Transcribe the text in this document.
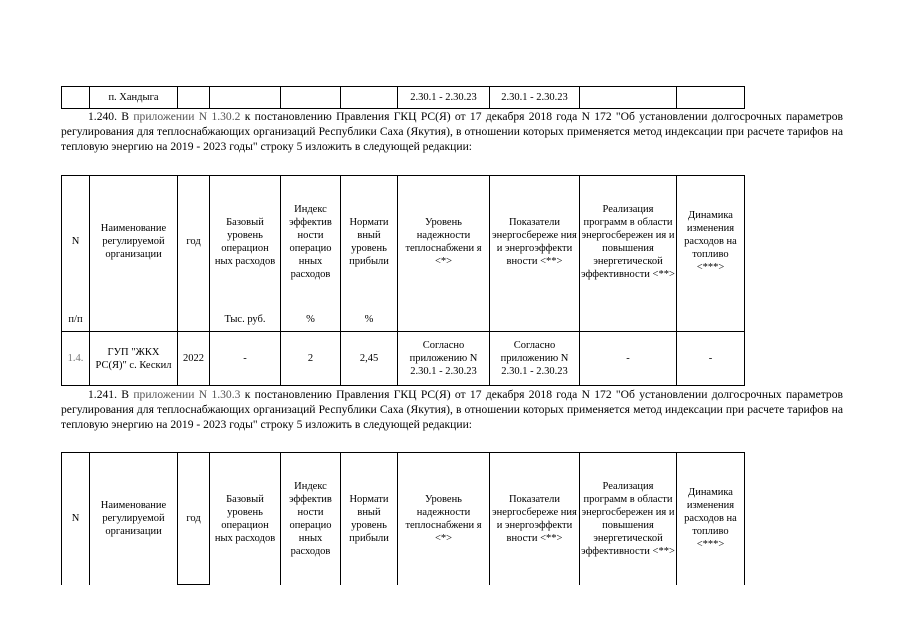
	п. Хандыга					2.30.1 - 2.30.23	2.30.1 - 2.30.23		

1.240. В приложении N 1.30.2 к постановлению Правления ГКЦ РС(Я) от 17 декабря 2018 года N 172 "Об установлении долгосрочных параметров регулирования для теплоснабжающих организаций Республики Саха (Якутия), в отношении которых применяется метод индексации при расчете тарифов на тепловую энергию на 2019 - 2023 годы" строку 5 изложить в следующей редакции:

N	Наименование регулируемой организации	год	Базовый уровень операцион ных расходов	Индекс эффектив ности операцио нных расходов	Нормати вный уровень прибыли	Уровень надежности теплоснабжени я <*>	Показатели энергосбереже ния и энергоэффекти вности <**>	Реализация программ в области энергосбережен ия и повышения энергетической эффективности <**>	Динамика изменения расходов на топливо <***>
п/п			Тыс. руб.	%	%				
1.4.	ГУП "ЖКХ РС(Я)" с. Кескил	2022	-	2	2,45	Согласно приложению N 2.30.1 - 2.30.23	Согласно приложению N 2.30.1 - 2.30.23	-	-

1.241. В приложении N 1.30.3 к постановлению Правления ГКЦ РС(Я) от 17 декабря 2018 года N 172 "Об установлении долгосрочных параметров регулирования для теплоснабжающих организаций Республики Саха (Якутия), в отношении которых применяется метод индексации при расчете тарифов на тепловую энергию на 2019 - 2023 годы" строку 5 изложить в следующей редакции:

N	Наименование регулируемой организации	год	Базовый уровень операцион ных расходов	Индекс эффектив ности операцио нных расходов	Нормати вный уровень прибыли	Уровень надежности теплоснабжени я <*>	Показатели энергосбереже ния и энергоэффекти вности <**>	Реализация программ в области энергосбережен ия и повышения энергетической эффективности <**>	Динамика изменения расходов на топливо <***>
